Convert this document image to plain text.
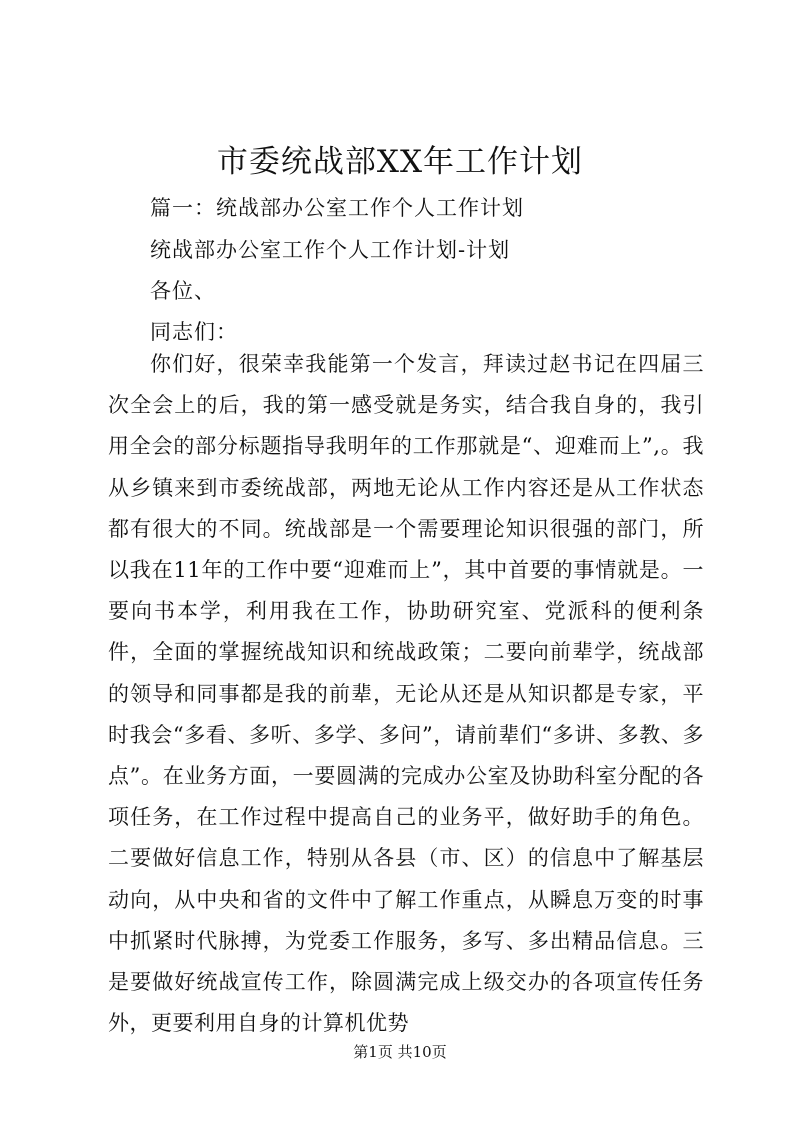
市委统战部XX年工作计划
篇一：统战部办公室工作个人工作计划
统战部办公室工作个人工作计划-计划
各位、
同志们：

你们好，很荣幸我能第一个发言，拜读过赵书记在四届三次全会上的后，我的第一感受就是务实，结合我自身的，我引用全会的部分标题指导我明年的工作那就是“、迎难而上”,。我从乡镇来到市委统战部，两地无论从工作内容还是从工作状态都有很大的不同。统战部是一个需要理论知识很强的部门，所以我在11年的工作中要“迎难而上”，其中首要的事情就是。一要向书本学，利用我在工作，协助研究室、党派科的便利条件，全面的掌握统战知识和统战政策；二要向前辈学，统战部的领导和同事都是我的前辈，无论从还是从知识都是专家，平时我会“多看、多听、多学、多问”，请前辈们“多讲、多教、多点”。在业务方面，一要圆满的完成办公室及协助科室分配的各项任务，在工作过程中提高自己的业务平，做好助手的角色。二要做好信息工作，特别从各县（市、区）的信息中了解基层动向，从中央和省的文件中了解工作重点，从瞬息万变的时事中抓紧时代脉搏，为党委工作服务，多写、多出精品信息。三是要做好统战宣传工作，除圆满完成上级交办的各项宣传任务外，更要利用自身的计算机优势

第1页 共10页
